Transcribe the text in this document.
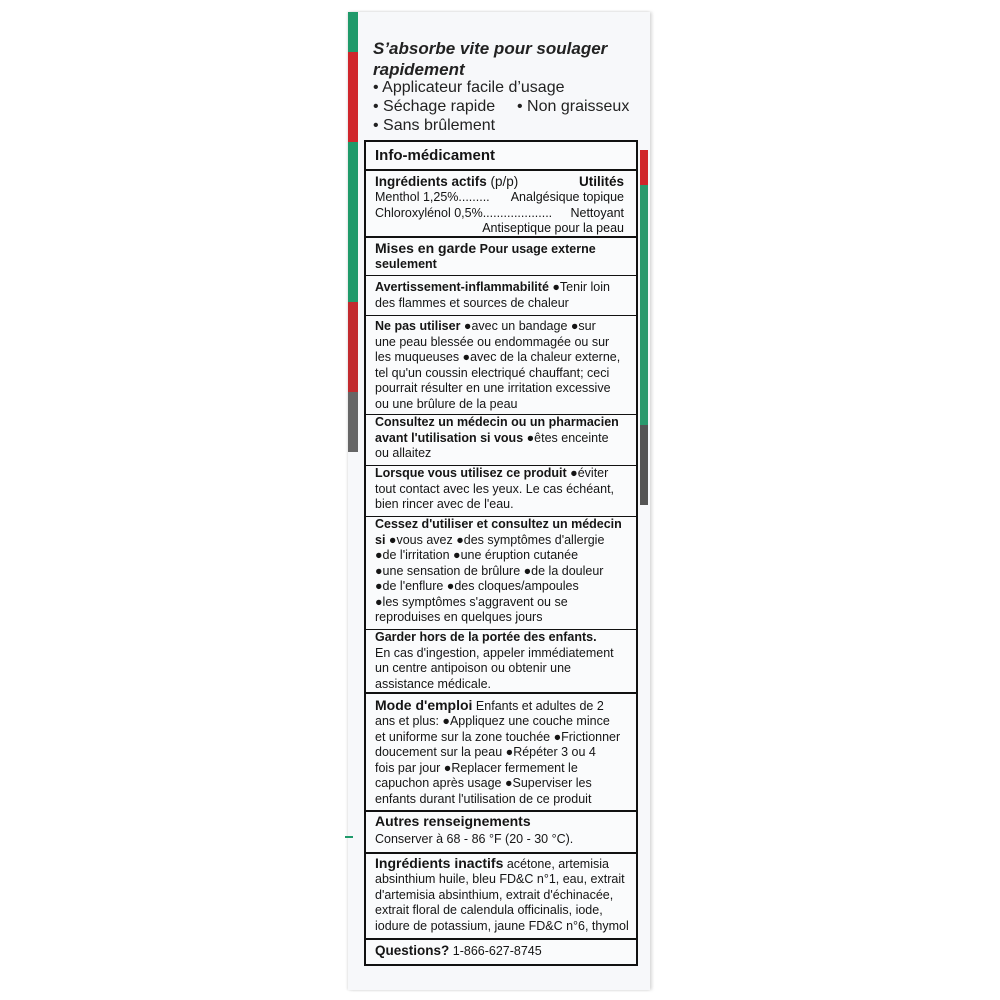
S’absorbe vite pour soulager
rapidement
• Applicateur facile d’usage
• Séchage rapide • Non graisseux
• Sans brûlement
Info-médicament
Ingrédients actifs (p/p)	Utilités
Menthol 1,25%......... Analgésique topique
Chloroxylénol 0,5%.................... Nettoyant
Antiseptique pour la peau
Mises en garde Pour usage externe
seulement
Avertissement-inflammabilité ●Tenir loin
des flammes et sources de chaleur
Ne pas utiliser ●avec un bandage ●sur
une peau blessée ou endommagée ou sur
les muqueuses ●avec de la chaleur externe,
tel qu'un coussin electriqué chauffant; ceci
pourrait résulter en une irritation excessive
ou une brûlure de la peau
Consultez un médecin ou un pharmacien
avant l'utilisation si vous ●êtes enceinte
ou allaitez
Lorsque vous utilisez ce produit ●éviter
tout contact avec les yeux. Le cas échéant,
bien rincer avec de l'eau.
Cessez d'utiliser et consultez un médecin
si ●vous avez ●des symptômes d'allergie
●de l'irritation ●une éruption cutanée
●une sensation de brûlure ●de la douleur
●de l'enflure ●des cloques/ampoules
●les symptômes s'aggravent ou se
reproduises en quelques jours
Garder hors de la portée des enfants.
En cas d'ingestion, appeler immédiatement
un centre antipoison ou obtenir une
assistance médicale.
Mode d'emploi Enfants et adultes de 2
ans et plus: ●Appliquez une couche mince
et uniforme sur la zone touchée ●Frictionner
doucement sur la peau ●Répéter 3 ou 4
fois par jour ●Replacer fermement le
capuchon après usage ●Superviser les
enfants durant l'utilisation de ce produit
Autres renseignements
Conserver à 68 - 86 °F (20 - 30 °C).
Ingrédients inactifs acétone, artemisia
absinthium huile, bleu FD&C n°1, eau, extrait
d'artemisia absinthium, extrait d'échinacée,
extrait floral de calendula officinalis, iode,
iodure de potassium, jaune FD&C n°6, thymol
Questions? 1-866-627-8745
